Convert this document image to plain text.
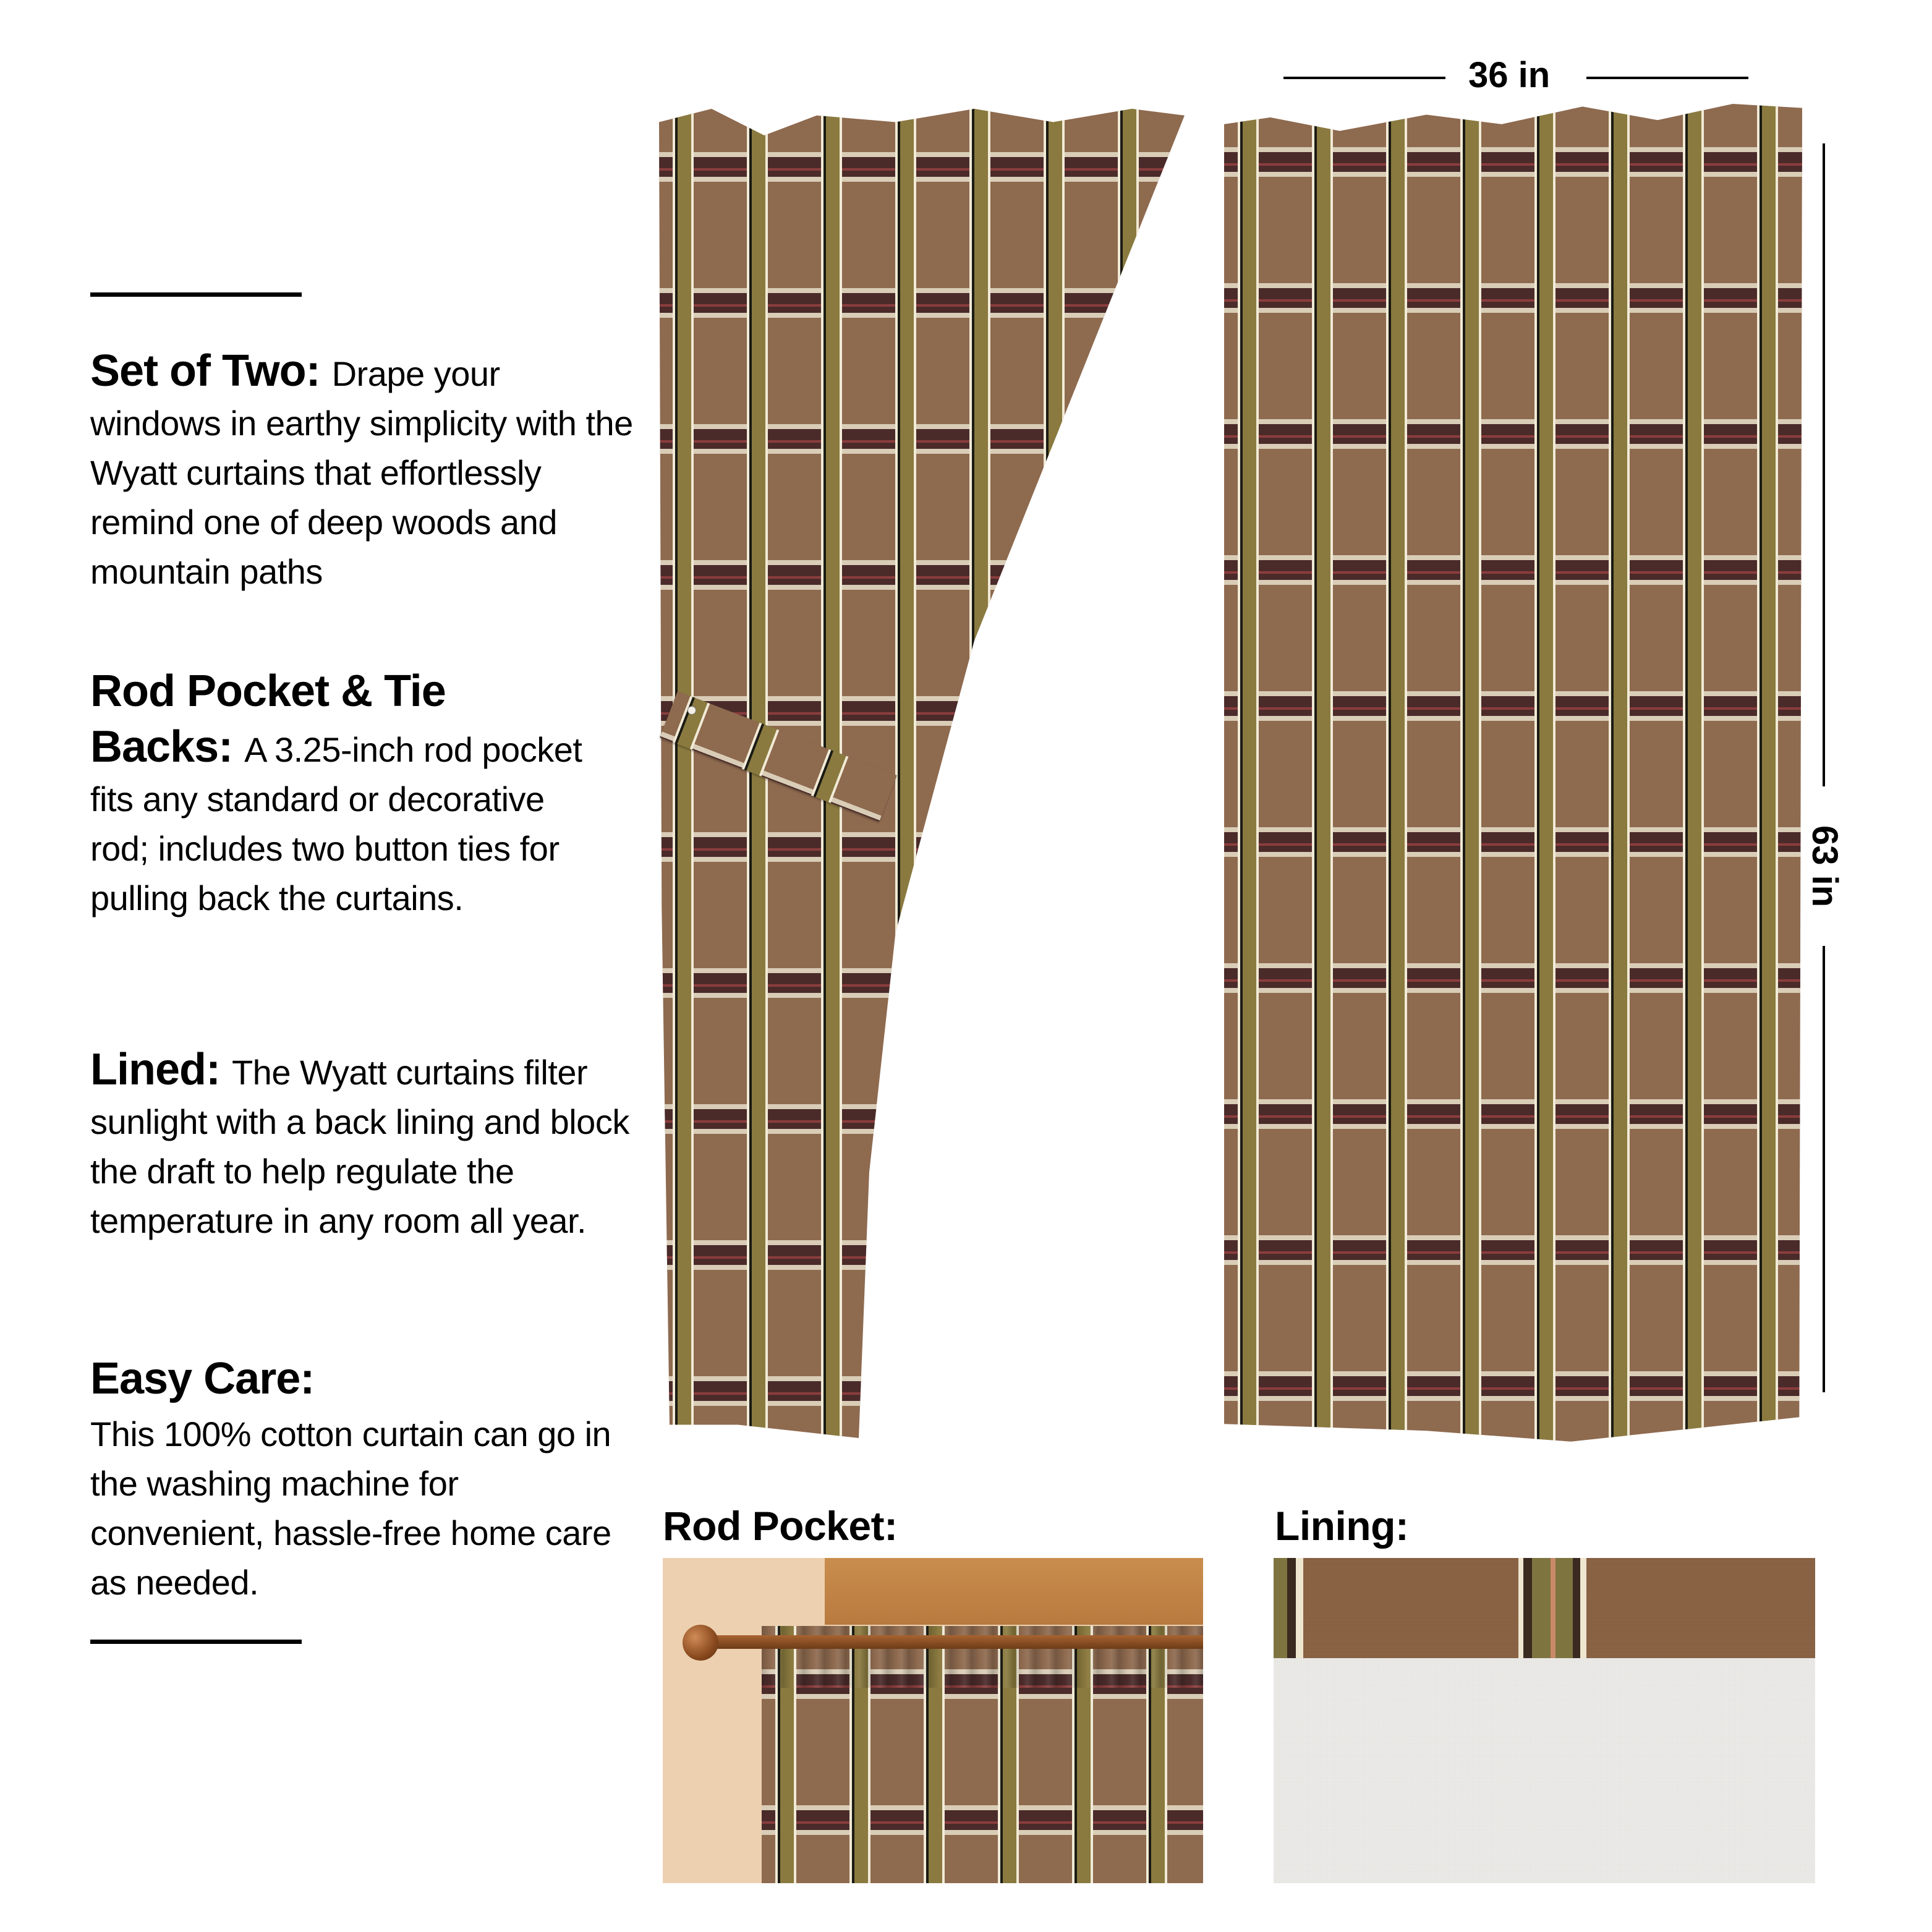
Set of Two: Drape your windows in earthy simplicity with the Wyatt curtains that effortlessly remind one of deep woods and mountain paths
Rod Pocket & Tie
Backs: A 3.25-inch rod pocket fits any standard or decorative rod; includes two button ties for pulling back the curtains.
Lined: The Wyatt curtains filter sunlight with a back lining and block the draft to help regulate the temperature in any room all year.
Easy Care:
This 100% cotton curtain can go in the washing machine for convenient, hassle-free home care as needed.
36 in
63 in
Rod Pocket:	Lining:
